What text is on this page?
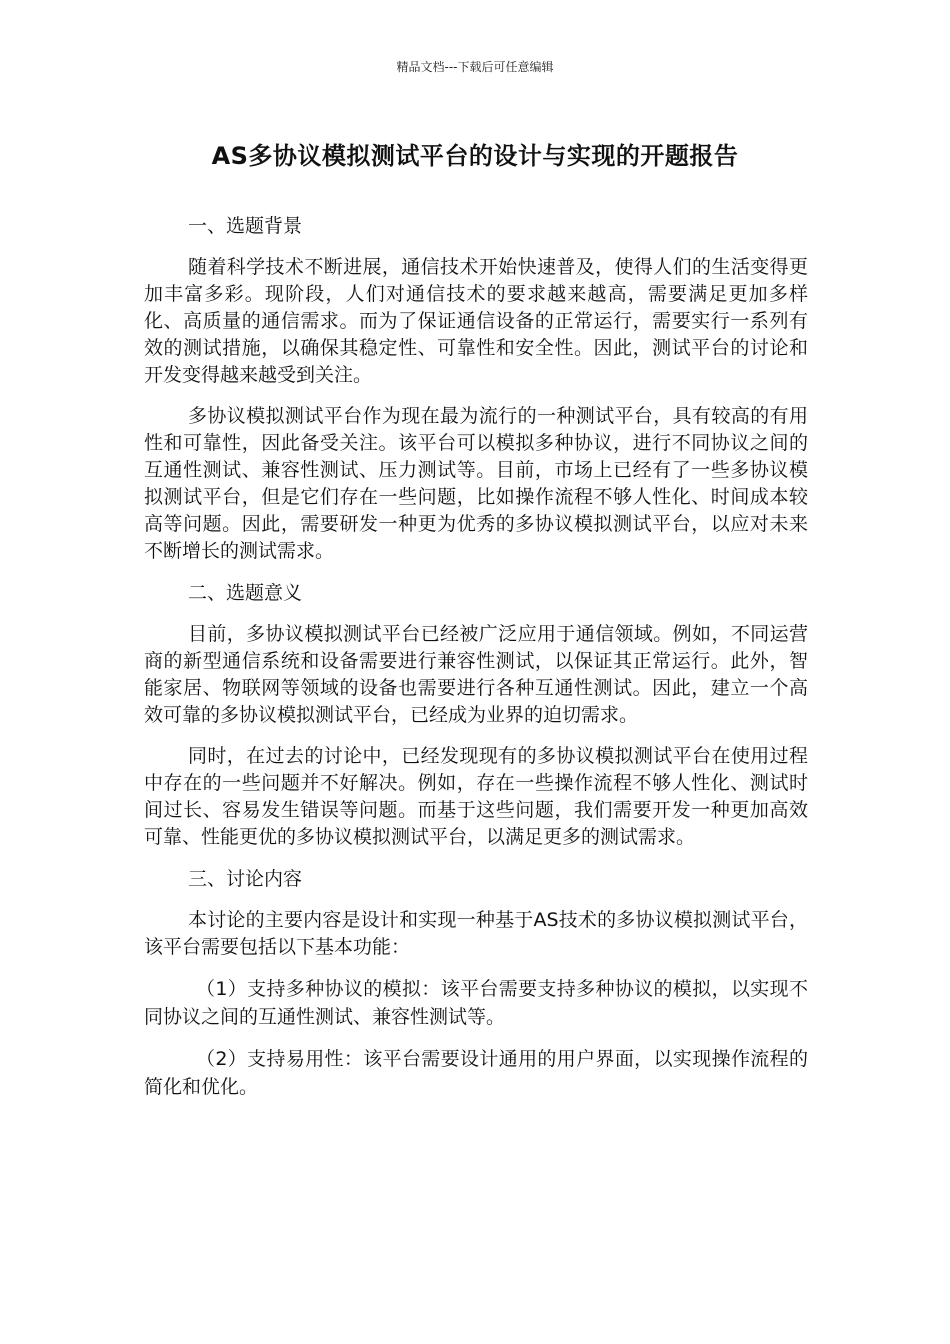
精品文档---下载后可任意编辑
AS多协议模拟测试平台的设计与实现的开题报告
一、选题背景

随着科学技术不断进展，通信技术开始快速普及，使得人们的生活变得更加丰富多彩。现阶段，人们对通信技术的要求越来越高，需要满足更加多样化、高质量的通信需求。而为了保证通信设备的正常运行，需要实行一系列有效的测试措施，以确保其稳定性、可靠性和安全性。因此，测试平台的讨论和开发变得越来越受到关注。

多协议模拟测试平台作为现在最为流行的一种测试平台，具有较高的有用性和可靠性，因此备受关注。该平台可以模拟多种协议，进行不同协议之间的互通性测试、兼容性测试、压力测试等。目前，市场上已经有了一些多协议模拟测试平台，但是它们存在一些问题，比如操作流程不够人性化、时间成本较高等问题。因此，需要研发一种更为优秀的多协议模拟测试平台，以应对未来不断增长的测试需求。

二、选题意义

目前，多协议模拟测试平台已经被广泛应用于通信领域。例如，不同运营商的新型通信系统和设备需要进行兼容性测试，以保证其正常运行。此外，智能家居、物联网等领域的设备也需要进行各种互通性测试。因此，建立一个高效可靠的多协议模拟测试平台，已经成为业界的迫切需求。

同时，在过去的讨论中，已经发现现有的多协议模拟测试平台在使用过程中存在的一些问题并不好解决。例如，存在一些操作流程不够人性化、测试时间过长、容易发生错误等问题。而基于这些问题，我们需要开发一种更加高效可靠、性能更优的多协议模拟测试平台，以满足更多的测试需求。

三、讨论内容

本讨论的主要内容是设计和实现一种基于AS技术的多协议模拟测试平台，该平台需要包括以下基本功能：

（1）支持多种协议的模拟：该平台需要支持多种协议的模拟，以实现不同协议之间的互通性测试、兼容性测试等。

（2）支持易用性：该平台需要设计通用的用户界面，以实现操作流程的简化和优化。
